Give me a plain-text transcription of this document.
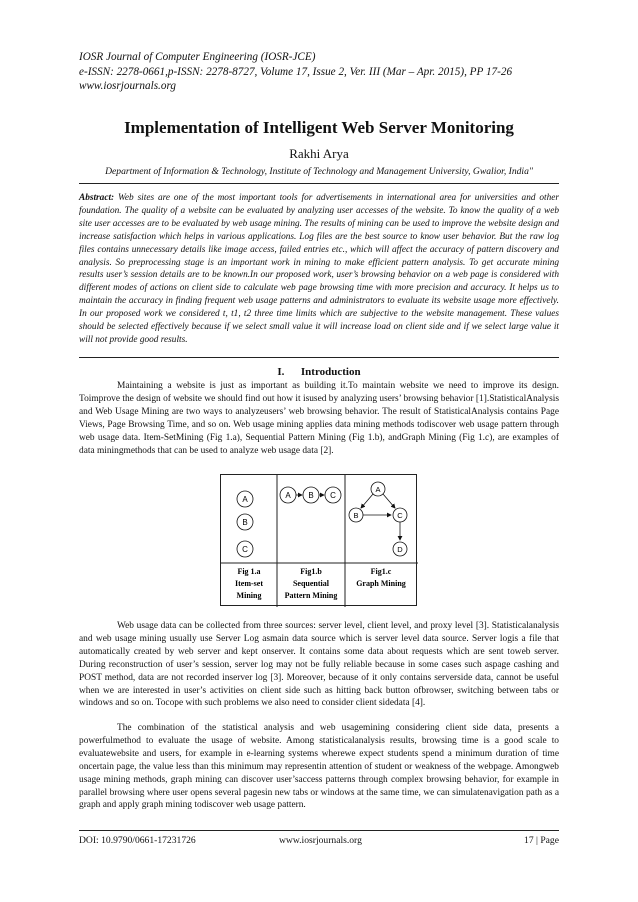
IOSR Journal of Computer Engineering (IOSR-JCE)
e-ISSN: 2278-0661,p-ISSN: 2278-8727, Volume 17, Issue 2, Ver. III (Mar – Apr. 2015), PP 17-26
www.iosrjournals.org
Implementation of Intelligent Web Server Monitoring
Rakhi Arya
Department of Information & Technology, Institute of Technology and Management University, Gwalior, India"
Abstract: Web sites are one of the most important tools for advertisements in international area for universities and other foundation. The quality of a website can be evaluated by analyzing user accesses of the website. To know the quality of a web site user accesses are to be evaluated by web usage mining. The results of mining can be used to improve the website design and increase satisfaction which helps in various applications. Log files are the best source to know user behavior. But the raw log files contains unnecessary details like image access, failed entries etc., which will affect the accuracy of pattern discovery and analysis. So preprocessing stage is an important work in mining to make efficient pattern analysis. To get accurate mining results user’s session details are to be known.In our proposed work, user’s browsing behavior on a web page is considered with different modes of actions on client side to calculate web page browsing time with more precision and accuracy. It helps us to maintain the accuracy in finding frequent web usage patterns and administrators to evaluate its website usage more effectively. In our proposed work we considered t, t1, t2 three time limits which are subjective to the website management. These values should be selected effectively because if we select small value it will increase load on client side and if we select large value it will not provide good results.
I. Introduction
Maintaining a website is just as important as building it.To maintain website we need to improve its design. Toimprove the design of website we should find out how it isused by analyzing users’ browsing behavior [1].StatisticalAnalysis and Web Usage Mining are two ways to analyzeusers’ web browsing behavior. The result of StatisticalAnalysis contains Page Views, Page Browsing Time, and so on. Web usage mining applies data mining methods todiscover web usage pattern through web usage data. Item-SetMining (Fig 1.a), Sequential Pattern Mining (Fig 1.b), andGraph Mining (Fig 1.c), are examples of data miningmethods that can be used to analyze web usage data [2].
A
B
C
A B C
A
B	C
D
Fig 1.a
Item-set
Mining
Fig1.b
Sequential
Pattern Mining
Fig1.c
Graph Mining
Web usage data can be collected from three sources: server level, client level, and proxy level [3]. Statisticalanalysis and web usage mining usually use Server Log asmain data source which is server level data source. Server logis a file that automatically created by web server and kept onserver. It contains some data about requests which are sent toweb server. During reconstruction of user’s session, server log may not be fully reliable because in some cases such aspage cashing and POST method, data are not recorded inserver log [3]. Moreover, because of it only contains serverside data, cannot be useful when we are interested in user’s activities on client side such as hitting back button ofbrowser, switching between tabs or windows and so on. Tocope with such problems we also need to consider client sidedata [4].
The combination of the statistical analysis and web usagemining considering client side data, presents a powerfulmethod to evaluate the usage of website. Among statisticalanalysis results, browsing time is a good scale to evaluatewebsite and users, for example in e-learning systems wherewe expect students spend a minimum duration of time oncertain page, the value less than this minimum may representin attention of student or weakness of the webpage. Amongweb usage mining methods, graph mining can discover user’saccess patterns through complex browsing behavior, for example in parallel browsing where user opens several pagesin new tabs or windows at the same time, we can simulatenavigation path as a graph and apply graph mining todiscover web usage pattern.
DOI: 10.9790/0661-17231726	www.iosrjournals.org	17 | Page
